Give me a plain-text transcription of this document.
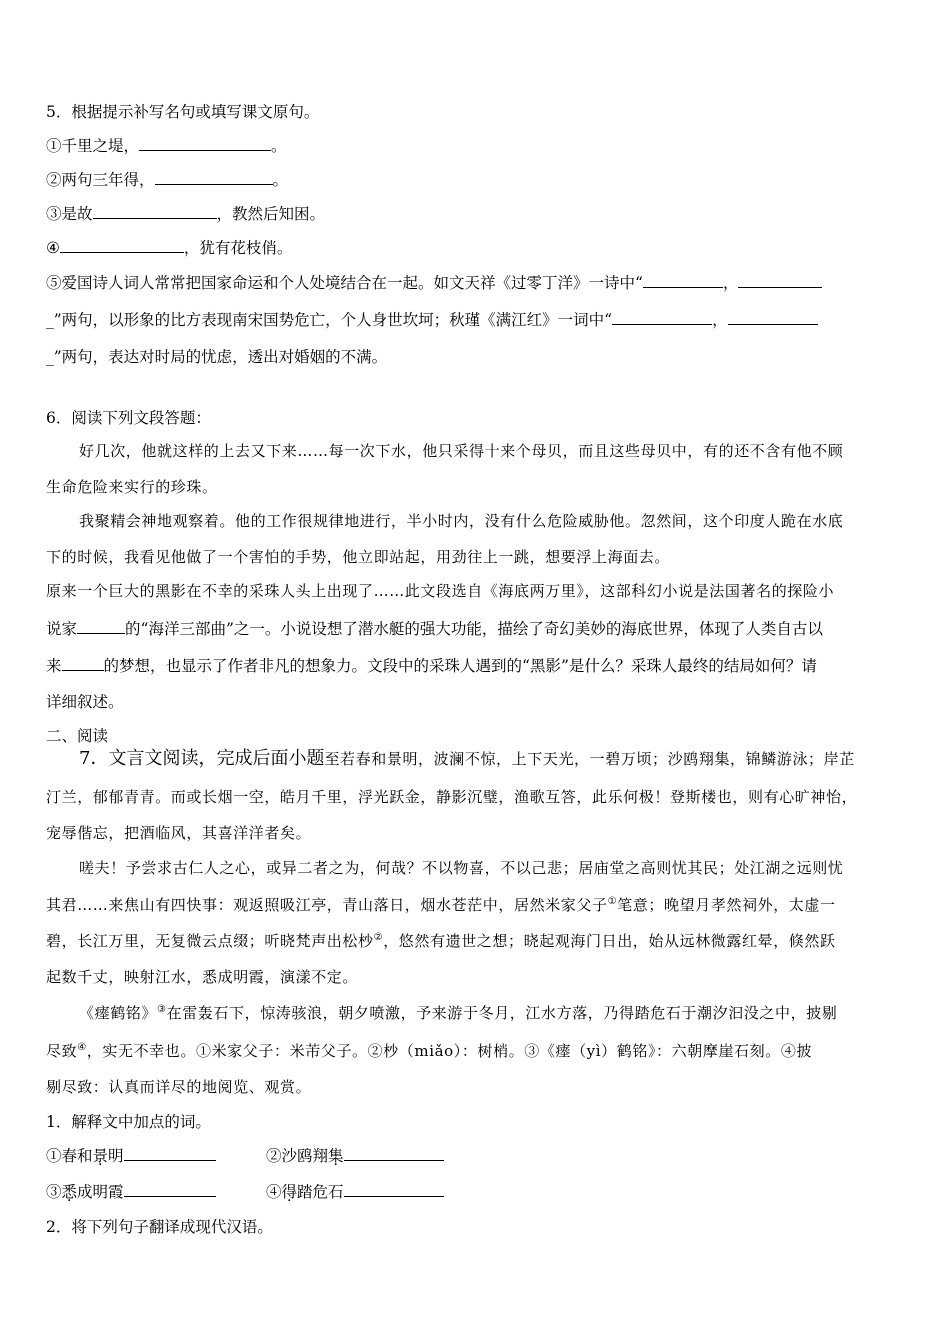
5．根据提示补写名句或填写课文原句。
①千里之堤，	。
②两句三年得，	。
③是故	，教然后知困。
④	，犹有花枝俏。
⑤爱国诗人词人常常把国家命运和个人处境结合在一起。如文天祥《过零丁洋》一诗中“	，
_”两句，以形象的比方表现南宋国势危亡，个人身世坎坷；秋瑾《满江红》一词中“	，
_”两句，表达对时局的忧虑，透出对婚姻的不满。
6．阅读下列文段答题：
好几次，他就这样的上去又下来……每一次下水，他只采得十来个母贝，而且这些母贝中，有的还不含有他不顾
生命危险来实行的珍珠。
我聚精会神地观察着。他的工作很规律地进行，半小时内，没有什么危险威胁他。忽然间，这个印度人跪在水底
下的时候，我看见他做了一个害怕的手势，他立即站起，用劲往上一跳，想要浮上海面去。
原来一个巨大的黑影在不幸的采珠人头上出现了……此文段选自《海底两万里》，这部科幻小说是法国著名的探险小
说家	的“海洋三部曲”之一。小说设想了潜水艇的强大功能，描绘了奇幻美妙的海底世界，体现了人类自古以
来	的梦想，也显示了作者非凡的想象力。文段中的采珠人遇到的“黑影”是什么？采珠人最终的结局如何？请
详细叙述。
二、阅读
7．文言文阅读，完成后面小题至若春和景明，波澜不惊，上下天光，一碧万顷；沙鸥翔集，锦鳞游泳；岸芷
汀兰，郁郁青青。而或长烟一空，皓月千里，浮光跃金，静影沉璧，渔歌互答，此乐何极！登斯楼也，则有心旷神怡，
宠辱偕忘，把酒临风，其喜洋洋者矣。
嗟夫！予尝求古仁人之心，或异二者之为，何哉？不以物喜，不以己悲；居庙堂之高则忧其民；处江湖之远则忧
其君……来焦山有四快事：观返照吸江亭，青山落日，烟水苍茫中，居然米家父子①笔意；晚望月孝然祠外，太虚一
碧，长江万里，无复微云点缀；听晓梵声出松杪②，悠然有遗世之想；晓起观海门日出，始从远林微露红晕，倏然跃
起数千丈，映射江水，悉成明霞，演漾不定。
《瘗鹤铭》③在雷轰石下，惊涛骇浪，朝夕喷激，予来游于冬月，江水方落，乃得踏危石于潮汐汩没之中，披剔
尽致④，实无不幸也。①米家父子：米芾父子。②杪（miǎo）：树梢。③《瘗（yì）鹤铭》：六朝摩崖石刻。④披
剔尽致：认真而详尽的地阅览、观赏。
1．解释文中加点的词。
①春和景明	②沙鸥翔集
③悉成明霞	④得踏危石
2．将下列句子翻译成现代汉语。
